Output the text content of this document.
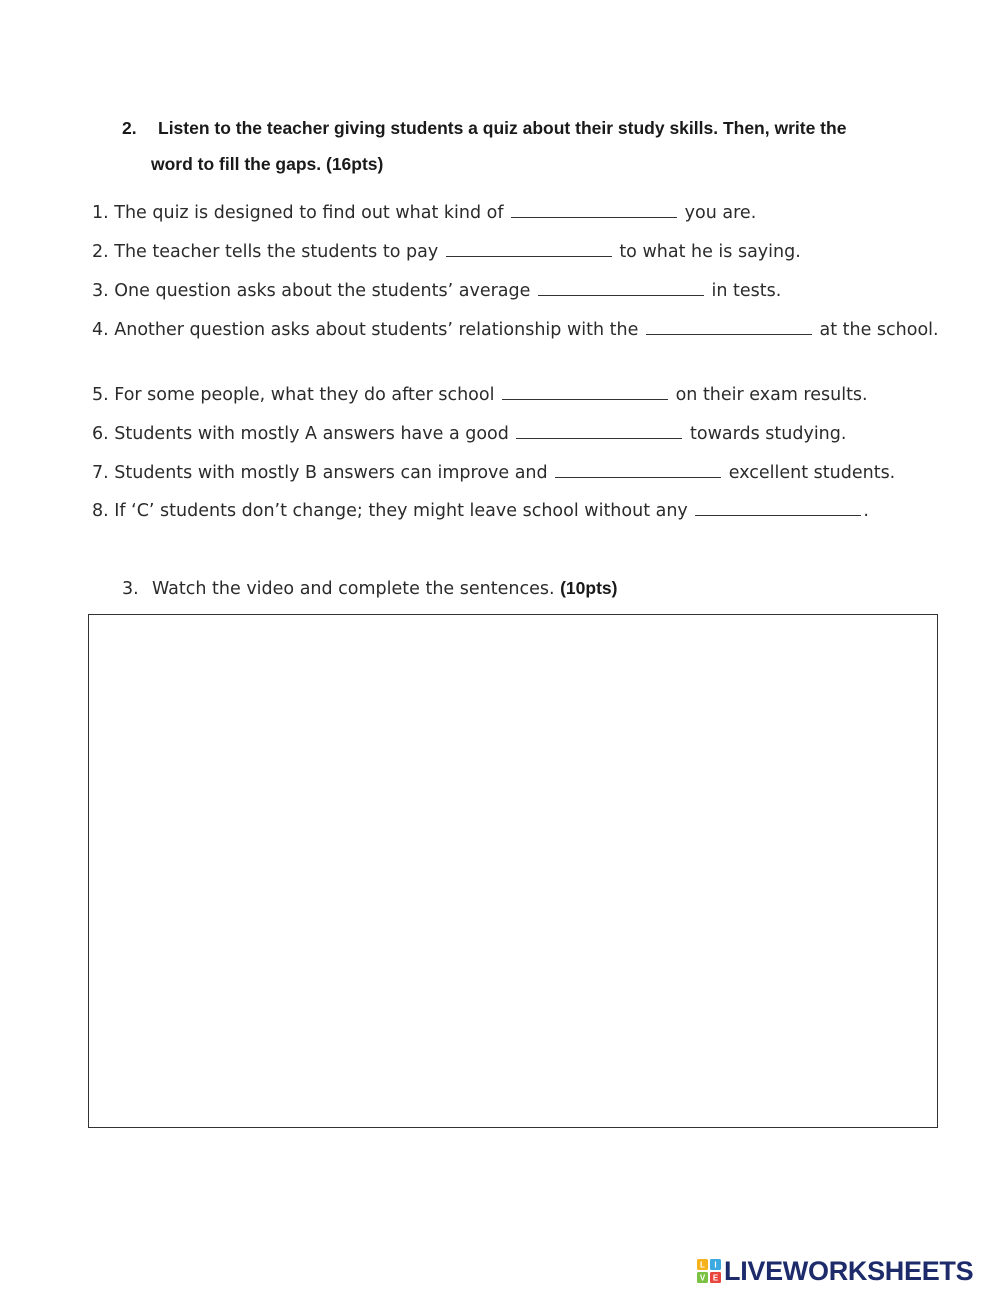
2. Listen to the teacher giving students a quiz about their study skills. Then, write the
word to fill the gaps. (16pts)
1. The quiz is designed to find out what kind of	you are.
2. The teacher tells the students to pay	to what he is saying.
3. One question asks about the students’ average	in tests.
4. Another question asks about students’ relationship with the	at the school.
5. For some people, what they do after school	on their exam results.
6. Students with mostly A answers have a good	towards studying.
7. Students with mostly B answers can improve and	excellent students.
8. If ‘C’ students don’t change; they might leave school without any	.
3. Watch the video and complete the sentences. (10pts)
L I
V E LIVEWORKSHEETS
